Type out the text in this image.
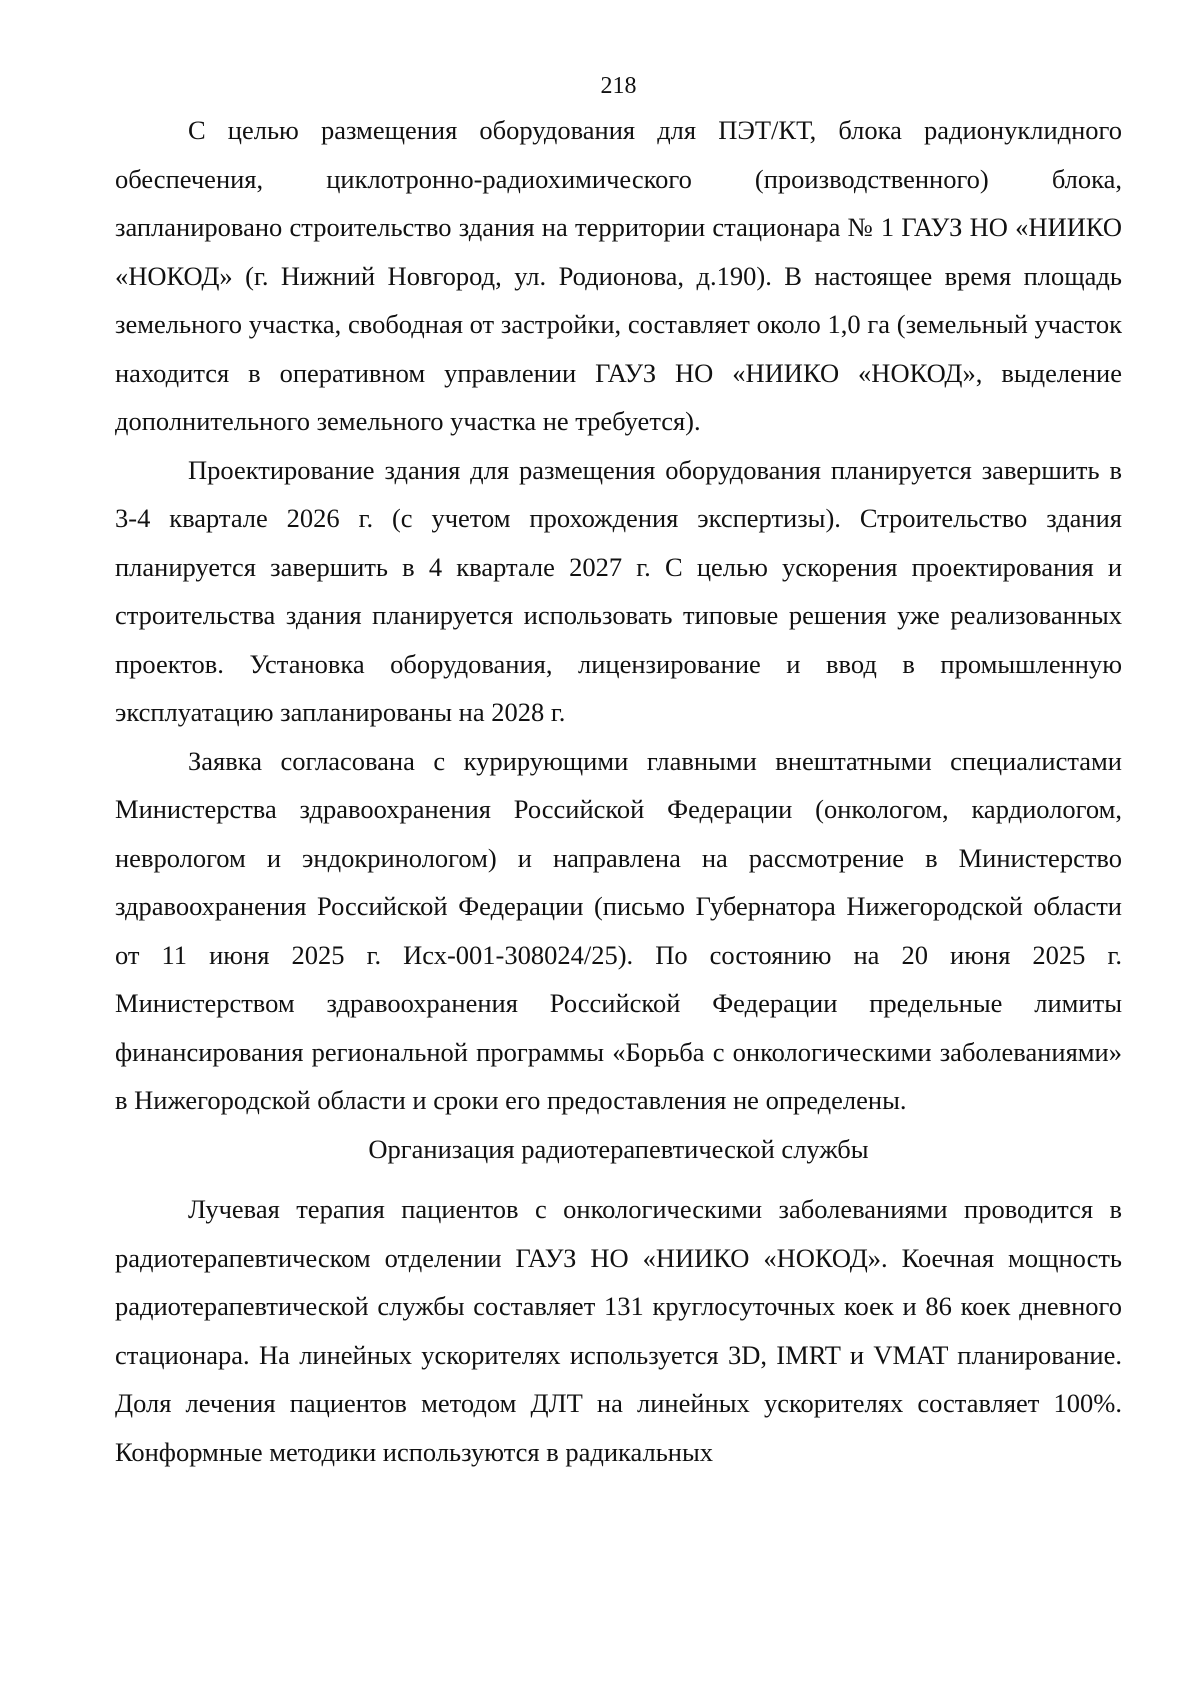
218

С целью размещения оборудования для ПЭТ/КТ, блока радионуклидного обеспечения, циклотронно-радиохимического (производственного) блока, запланировано строительство здания на территории стационара № 1 ГАУЗ НО «НИИКО «НОКОД» (г. Нижний Новгород, ул. Родионова, д.190). В настоящее время площадь земельного участка, свободная от застройки, составляет около 1,0 га (земельный участок находится в оперативном управлении ГАУЗ НО «НИИКО «НОКОД», выделение дополнительного земельного участка не требуется).

Проектирование здания для размещения оборудования планируется завершить в 3-4 квартале 2026 г. (с учетом прохождения экспертизы). Строительство здания планируется завершить в 4 квартале 2027 г. С целью ускорения проектирования и строительства здания планируется использовать типовые решения уже реализованных проектов. Установка оборудования, лицензирование и ввод в промышленную эксплуатацию запланированы на 2028 г.

Заявка согласована с курирующими главными внештатными специалистами Министерства здравоохранения Российской Федерации (онкологом, кардиологом, неврологом и эндокринологом) и направлена на рассмотрение в Министерство здравоохранения Российской Федерации (письмо Губернатора Нижегородской области от 11 июня 2025 г. Исх-001-308024/25). По состоянию на 20 июня 2025 г. Министерством здравоохранения Российской Федерации предельные лимиты финансирования региональной программы «Борьба с онкологическими заболеваниями» в Нижегородской области и сроки его предоставления не определены.

Организация радиотерапевтической службы

Лучевая терапия пациентов с онкологическими заболеваниями проводится в радиотерапевтическом отделении ГАУЗ НО «НИИКО «НОКОД». Коечная мощность радиотерапевтической службы составляет 131 круглосуточных коек и 86 коек дневного стационара. На линейных ускорителях используется 3D, IMRT и VMAT планирование. Доля лечения пациентов методом ДЛТ на линейных ускорителях составляет 100%. Конформные методики используются в радикальных
